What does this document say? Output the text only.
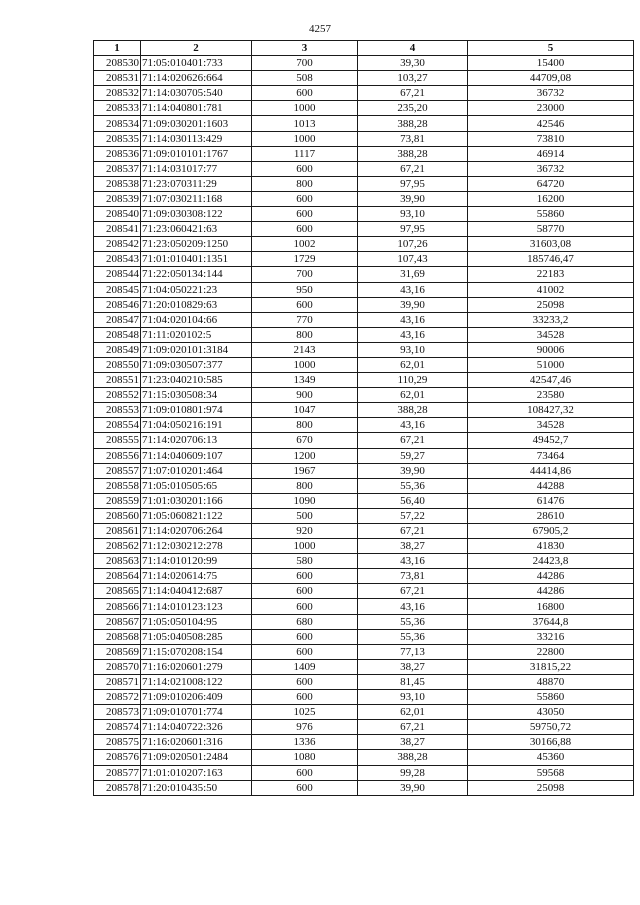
4257
1	2	3	4	5
208530	71:05:010401:733	700	39,30	15400
208531	71:14:020626:664	508	103,27	44709,08
208532	71:14:030705:540	600	67,21	36732
208533	71:14:040801:781	1000	235,20	23000
208534	71:09:030201:1603	1013	388,28	42546
208535	71:14:030113:429	1000	73,81	73810
208536	71:09:010101:1767	1117	388,28	46914
208537	71:14:031017:77	600	67,21	36732
208538	71:23:070311:29	800	97,95	64720
208539	71:07:030211:168	600	39,90	16200
208540	71:09:030308:122	600	93,10	55860
208541	71:23:060421:63	600	97,95	58770
208542	71:23:050209:1250	1002	107,26	31603,08
208543	71:01:010401:1351	1729	107,43	185746,47
208544	71:22:050134:144	700	31,69	22183
208545	71:04:050221:23	950	43,16	41002
208546	71:20:010829:63	600	39,90	25098
208547	71:04:020104:66	770	43,16	33233,2
208548	71:11:020102:5	800	43,16	34528
208549	71:09:020101:3184	2143	93,10	90006
208550	71:09:030507:377	1000	62,01	51000
208551	71:23:040210:585	1349	110,29	42547,46
208552	71:15:030508:34	900	62,01	23580
208553	71:09:010801:974	1047	388,28	108427,32
208554	71:04:050216:191	800	43,16	34528
208555	71:14:020706:13	670	67,21	49452,7
208556	71:14:040609:107	1200	59,27	73464
208557	71:07:010201:464	1967	39,90	44414,86
208558	71:05:010505:65	800	55,36	44288
208559	71:01:030201:166	1090	56,40	61476
208560	71:05:060821:122	500	57,22	28610
208561	71:14:020706:264	920	67,21	67905,2
208562	71:12:030212:278	1000	38,27	41830
208563	71:14:010120:99	580	43,16	24423,8
208564	71:14:020614:75	600	73,81	44286
208565	71:14:040412:687	600	67,21	44286
208566	71:14:010123:123	600	43,16	16800
208567	71:05:050104:95	680	55,36	37644,8
208568	71:05:040508:285	600	55,36	33216
208569	71:15:070208:154	600	77,13	22800
208570	71:16:020601:279	1409	38,27	31815,22
208571	71:14:021008:122	600	81,45	48870
208572	71:09:010206:409	600	93,10	55860
208573	71:09:010701:774	1025	62,01	43050
208574	71:14:040722:326	976	67,21	59750,72
208575	71:16:020601:316	1336	38,27	30166,88
208576	71:09:020501:2484	1080	388,28	45360
208577	71:01:010207:163	600	99,28	59568
208578	71:20:010435:50	600	39,90	25098
